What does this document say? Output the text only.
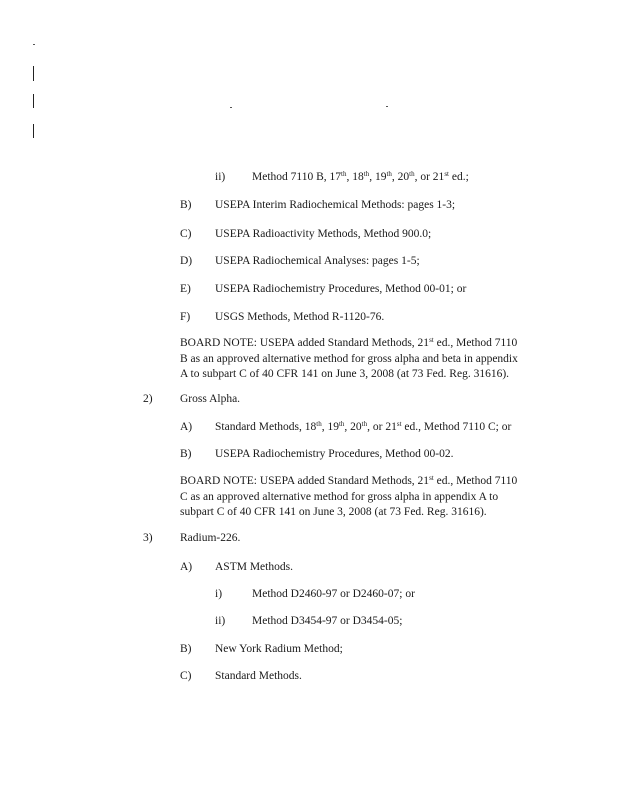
ii) Method 7110 B, 17th, 18th, 19th, 20th, or 21st ed.;
B) USEPA Interim Radiochemical Methods: pages 1-3;
C) USEPA Radioactivity Methods, Method 900.0;
D) USEPA Radiochemical Analyses: pages 1-5;
E) USEPA Radiochemistry Procedures, Method 00-01; or
F) USGS Methods, Method R-1120-76.
BOARD NOTE: USEPA added Standard Methods, 21st ed., Method 7110
B as an approved alternative method for gross alpha and beta in appendix
A to subpart C of 40 CFR 141 on June 3, 2008 (at 73 Fed. Reg. 31616).
2) Gross Alpha.
A) Standard Methods, 18th, 19th, 20th, or 21st ed., Method 7110 C; or
B) USEPA Radiochemistry Procedures, Method 00-02.
BOARD NOTE: USEPA added Standard Methods, 21st ed., Method 7110
C as an approved alternative method for gross alpha in appendix A to
subpart C of 40 CFR 141 on June 3, 2008 (at 73 Fed. Reg. 31616).
3) Radium-226.
A) ASTM Methods.
i)	Method D2460-97 or D2460-07; or
ii) Method D3454-97 or D3454-05;
B) New York Radium Method;
C) Standard Methods.
